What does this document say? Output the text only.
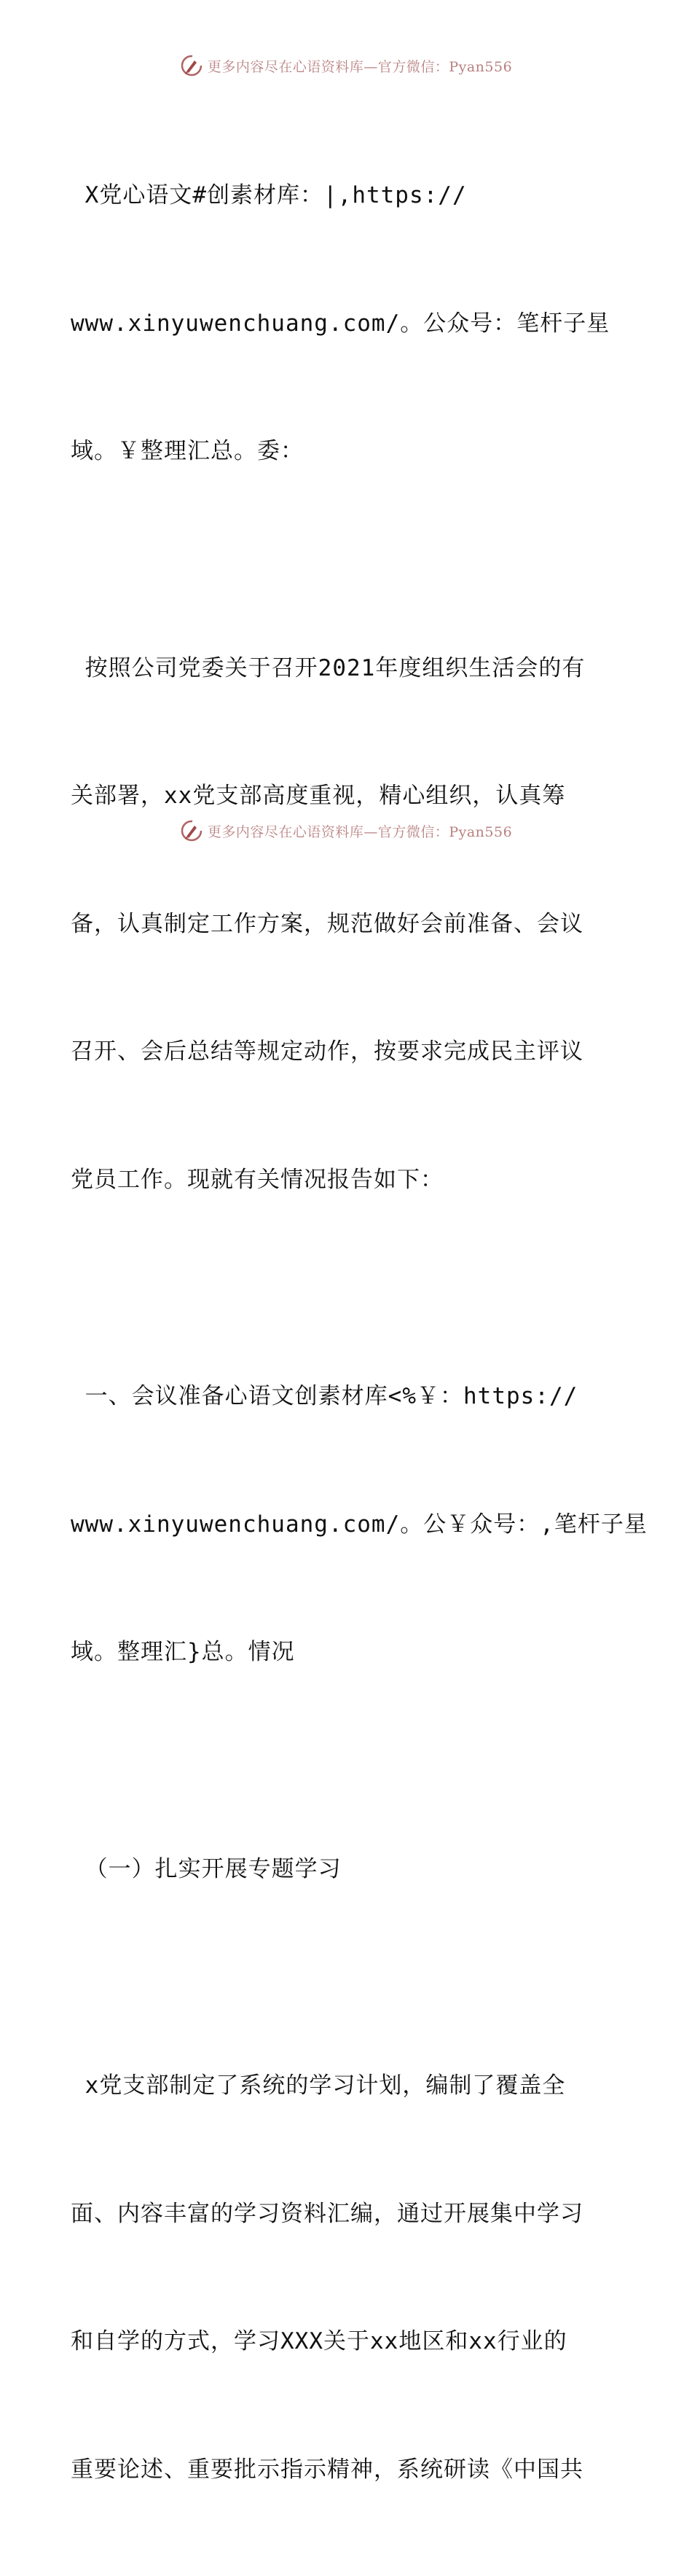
更多内容尽在心语资料库—官方微信：Pyan556

X党心语文#创素材库：|,https://

www.xinyuwenchuang.com/。公众号：笔杆子星

域。￥整理汇总。委：

按照公司党委关于召开2021年度组织生活会的有

关部署，xx党支部高度重视，精心组织，认真筹

备，认真制定工作方案，规范做好会前准备、会议

召开、会后总结等规定动作，按要求完成民主评议

党员工作。现就有关情况报告如下：

一、会议准备心语文创素材库<%￥：https://

www.xinyuwenchuang.com/。公￥众号：,笔杆子星

域。整理汇}总。情况

（一）扎实开展专题学习

x党支部制定了系统的学习计划，编制了覆盖全

面、内容丰富的学习资料汇编，通过开展集中学习

和自学的方式，学习XXX关于xx地区和xx行业的

重要论述、重要批示指示精神，系统研读《中国共

更多内容尽在心语资料库—官方微信：Pyan556
